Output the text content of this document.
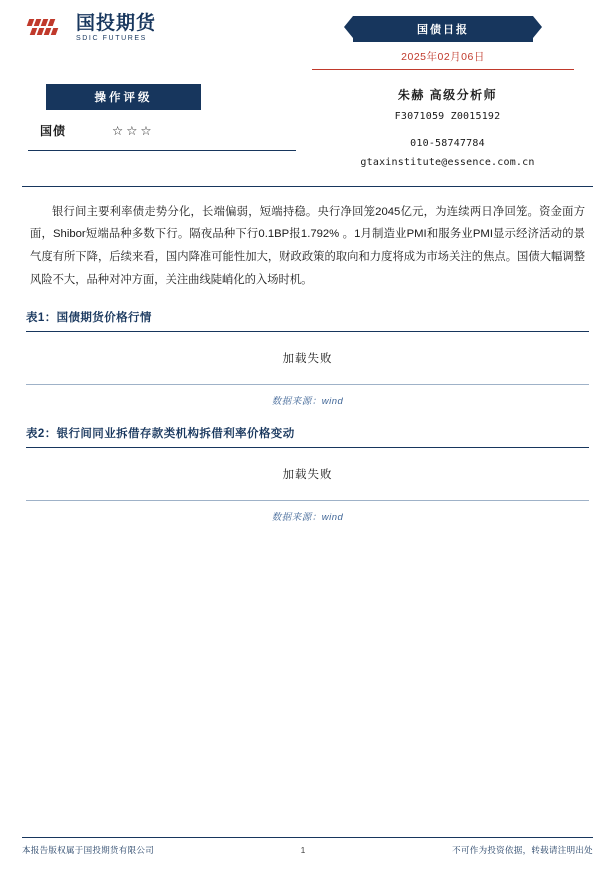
国投期货
SDIC FUTURES
国债日报
2025年02月06日
操作评级
国债	☆☆☆
朱赫 高级分析师
F3071059 Z0015192
010-58747784
gtaxinstitute@essence.com.cn
银行间主要利率债走势分化，长端偏弱，短端持稳。央行净回笼2045亿元，为连续两日净回笼。资金面方面，Shibor短端品种多数下行。隔夜品种下行0.1BP报1.792% 。1月制造业PMI和服务业PMI显示经济活动的景气度有所下降，后续来看，国内降准可能性加大，财政政策的取向和力度将成为市场关注的焦点。国债大幅调整风险不大，品种对冲方面，关注曲线陡峭化的入场时机。
表1：国债期货价格行情
加载失败
数据来源：wind
表2：银行间同业拆借存款类机构拆借利率价格变动
加载失败
数据来源：wind
本报告版权属于国投期货有限公司	1	不可作为投资依据，转载请注明出处
